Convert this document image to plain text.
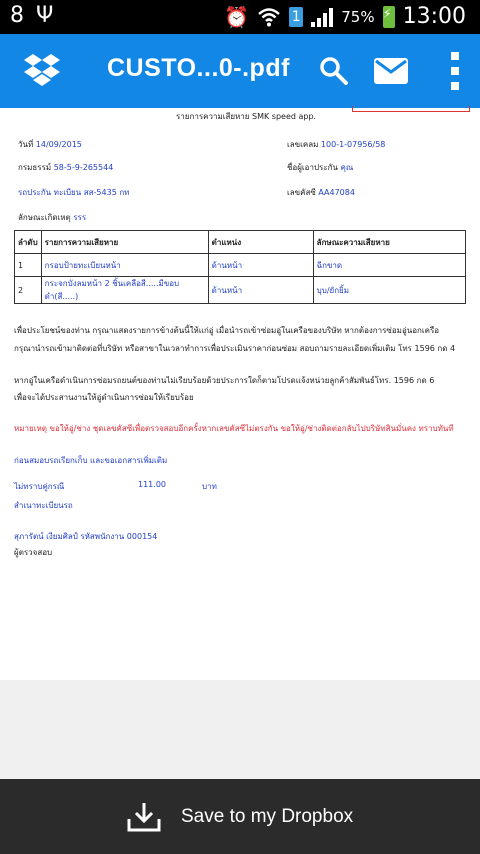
8 Ψ	⏰	1	75% ⚡ 13:00
CUSTO...0-.pdf
รายการความเสียหาย SMK speed app.
วันที่ 14/09/2015	เลขเคลม 100-1-07956/58
กรมธรรม์ 58-5-9-265544	ชื่อผู้เอาประกัน คุณ
รถประกัน ทะเบียน สส-5435 กท	เลขคัสซี AA47084
ลักษณะเกิดเหตุ รรร
ลำดับ	รายการความเสียหาย	ตำแหน่ง	ลักษณะความเสียหาย
1	กรอบป้ายทะเบียนหน้า	ด้านหน้า	ฉีกขาด
2	กระจกบังลมหน้า 2 ชิ้นเคลือสี.....มีขอบดำ(สี.....)	ด้านหน้า	บุบ/ยักยิ้ม
เพื่อประโยชน์ของท่าน กรุณาแสดงรายการข้างต้นนี้ให้แก่อู่ เมื่อนำรถเข้าซ่อมอู่ในเครือของบริษัท หากต้องการซ่อมอู่นอกเครือ
กรุณานำรถเข้ามาติดต่อที่บริษัท หรือสาขาในเวลาทำการเพื่อประเมินราคาก่อนซ่อม สอบถามรายละเอียดเพิ่มเติม โทร 1596 กด 4
หากอู่ในเครือดำเนินการซ่อมรถยนต์ของท่านไม่เรียบร้อยด้วยประการใดก็ตามโปรดแจ้งหน่วยลูกค้าสัมพันธ์โทร. 1596 กด 6
เพื่อจะได้ประสานงานให้อู่ดำเนินการซ่อมให้เรียบร้อย
หมายเหตุ ขอให้อู่/ช่าง ชุดเลขคัสซีเพื่อตรวจสอบอีกครั้งหากเลขคัสซีไม่ตรงกัน ขอให้อู่/ช่างติดต่อกลับไปบริษัทสินมั่นคง ทราบทันที
ก่อนสมอบรถเรียกเก็บ และขอเอกสารเพิ่มเติม
ไม่ทราบคู่กรณี	111.00	บาท
สำเนาทะเบียนรถ
สุภารัตน์ เงียมศิลป์ รหัสพนักงาน 000154
ผู้ตรวจสอบ
Save to my Dropbox
